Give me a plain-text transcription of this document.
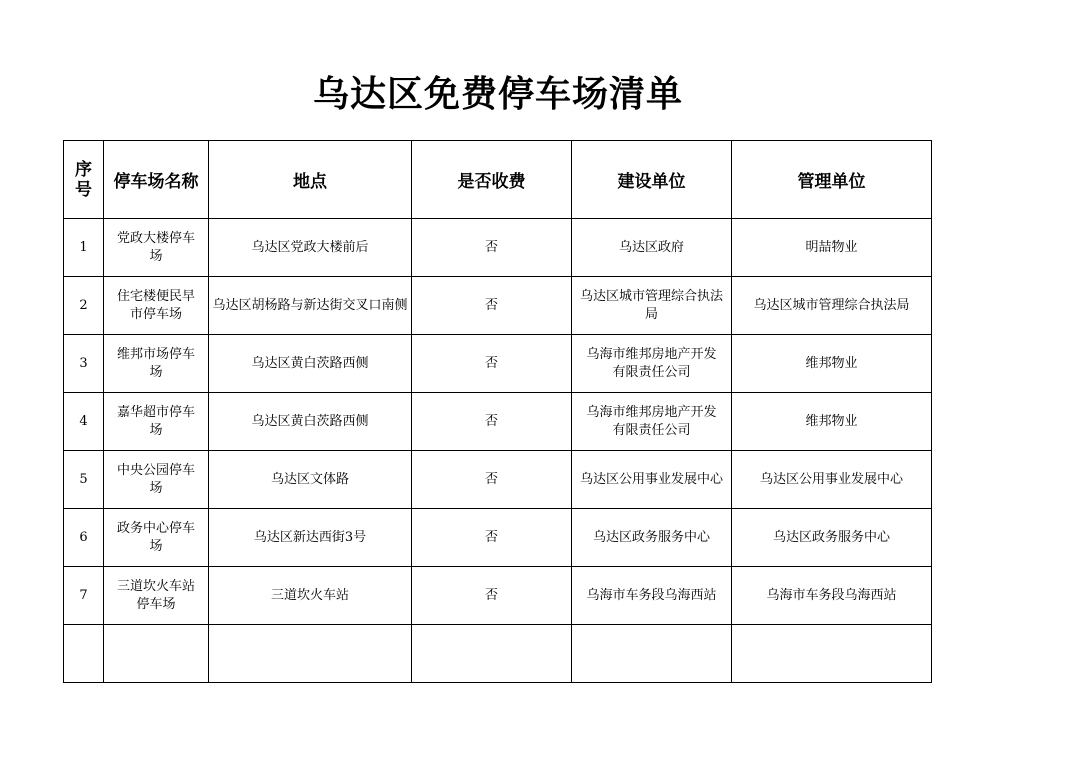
乌达区免费停车场清单
序号	停车场名称	地点	是否收费	建设单位	管理单位
1	党政大楼停车场	乌达区党政大楼前后	否	乌达区政府	明喆物业
2	住宅楼便民早市停车场	乌达区胡杨路与新达街交叉口南侧	否	乌达区城市管理综合执法局	乌达区城市管理综合执法局
3	维邦市场停车场	乌达区黄白茨路西侧	否	乌海市维邦房地产开发有限责任公司	维邦物业
4	嘉华超市停车场	乌达区黄白茨路西侧	否	乌海市维邦房地产开发有限责任公司	维邦物业
5	中央公园停车场	乌达区文体路	否	乌达区公用事业发展中心	乌达区公用事业发展中心
6	政务中心停车场	乌达区新达西街3号	否	乌达区政务服务中心	乌达区政务服务中心
7	三道坎火车站停车场	三道坎火车站	否	乌海市车务段乌海西站	乌海市车务段乌海西站
